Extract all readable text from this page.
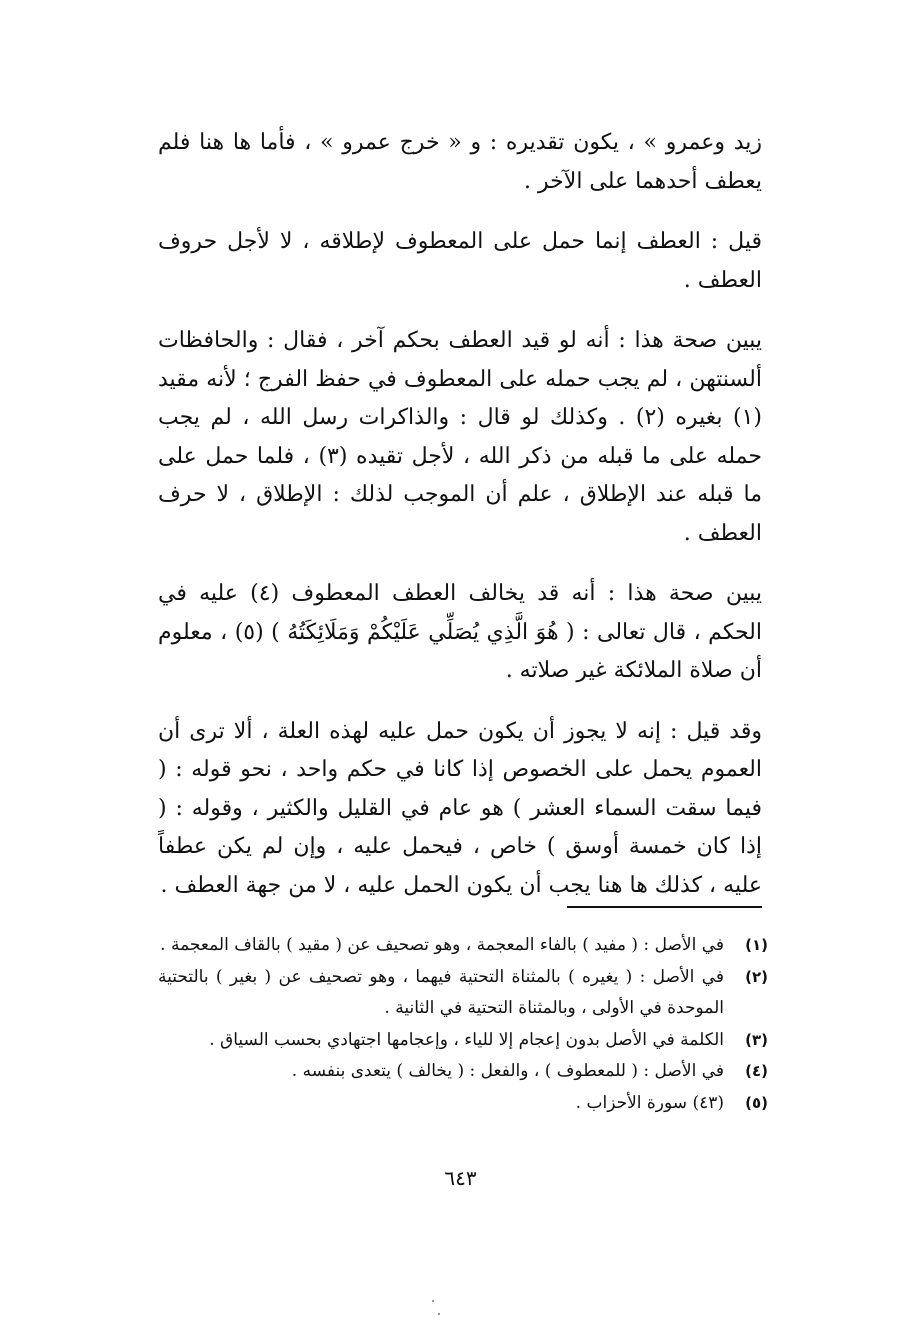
زيد وعمرو » ، يكون تقديره : و « خرج عمرو » ، فأما ها هنا فلم يعطف أحدهما على الآخر .

قيل : العطف إنما حمل على المعطوف لإطلاقه ، لا لأجل حروف العطف .

يبين صحة هذا : أنه لو قيد العطف بحكم آخر ، فقال : والحافظات ألسنتهن ، لم يجب حمله على المعطوف في حفظ الفرج ؛ لأنه مقيد (١) بغيره (٢) . وكذلك لو قال : والذاكرات رسل الله ، لم يجب حمله على ما قبله من ذكر الله ، لأجل تقيده (٣) ، فلما حمل على ما قبله عند الإطلاق ، علم أن الموجب لذلك : الإطلاق ، لا حرف العطف .

يبين صحة هذا : أنه قد يخالف العطف المعطوف (٤) عليه في الحكم ، قال تعالى : ( هُوَ الَّذِي يُصَلِّي عَلَيْكُمْ وَمَلَائِكَتُهُ ) (٥) ، معلوم أن صلاة الملائكة غير صلاته .

وقد قيل : إنه لا يجوز أن يكون حمل عليه لهذه العلة ، ألا ترى أن العموم يحمل على الخصوص إذا كانا في حكم واحد ، نحو قوله : ( فيما سقت السماء العشر ) هو عام في القليل والكثير ، وقوله : ( إذا كان خمسة أوسق ) خاص ، فيحمل عليه ، وإن لم يكن عطفاً عليه ، كذلك ها هنا يجب أن يكون الحمل عليه ، لا من جهة العطف .

(١)
في الأصل : ( مفيد ) بالفاء المعجمة ، وهو تصحيف عن ( مقيد ) بالقاف المعجمة .
(٢)
في الأصل : ( يغيره ) بالمثناة التحتية فيهما ، وهو تصحيف عن ( بغير ) بالتحتية الموحدة في الأولى ، وبالمثناة التحتية في الثانية .
(٣)
الكلمة في الأصل بدون إعجام إلا للياء ، وإعجامها اجتهادي بحسب السياق .
(٤)
في الأصل : ( للمعطوف ) ، والفعل : ( يخالف ) يتعدى بنفسه .
(٥)
(٤٣) سورة الأحزاب .
٦٤٣
